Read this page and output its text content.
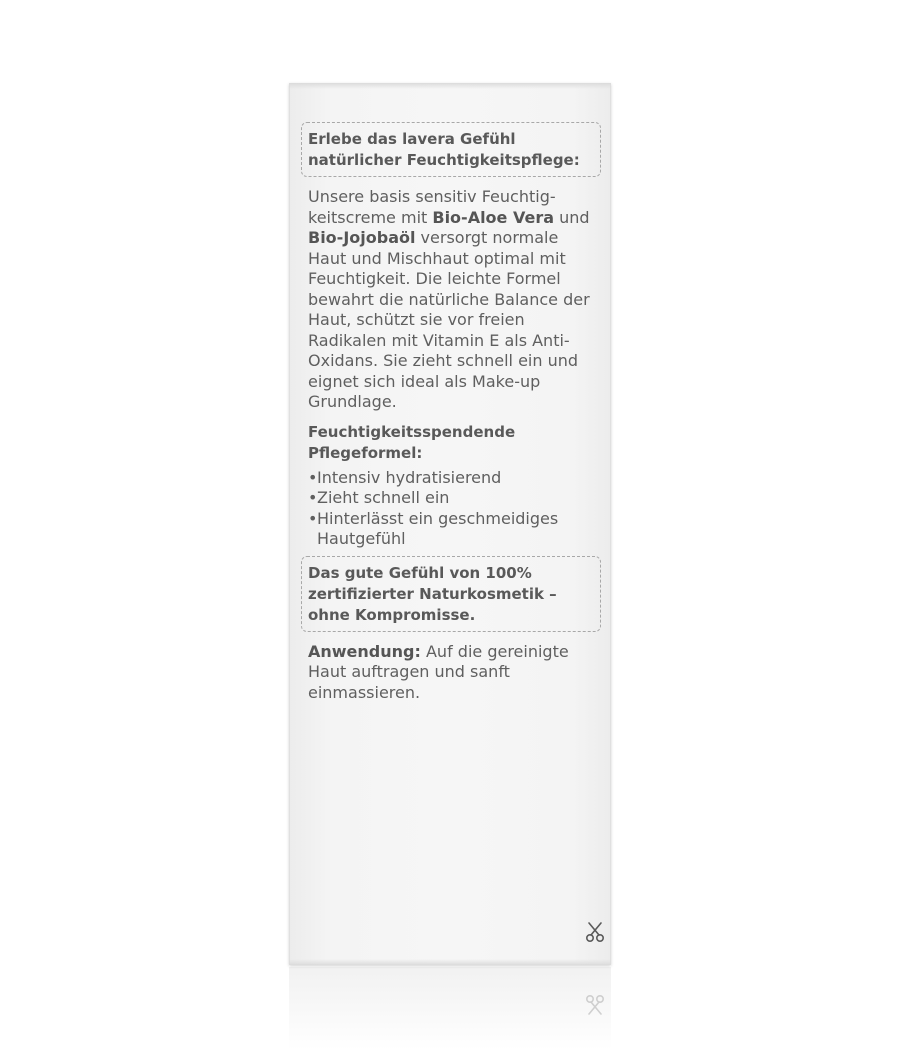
Erlebe das lavera Gefühl natürlicher Feuchtigkeitspflege:

Unsere basis sensitiv Feuchtigkeitscreme mit Bio-Aloe Vera und Bio-Jojobaöl versorgt normale Haut und Mischhaut optimal mit Feuchtigkeit. Die leichte Formel bewahrt die natürliche Balance der Haut, schützt sie vor freien Radikalen mit Vitamin E als Anti-Oxidans. Sie zieht schnell ein und eignet sich ideal als Make-up Grundlage.

Feuchtigkeitsspendende Pflegeformel:

• Intensiv hydratisierend
• Zieht schnell ein
• Hinterlässt ein geschmeidiges Hautgefühl

Das gute Gefühl von 100% zertifizierter Naturkosmetik – ohne Kompromisse.

Anwendung: Auf die gereinigte Haut auftragen und sanft einmassieren.
